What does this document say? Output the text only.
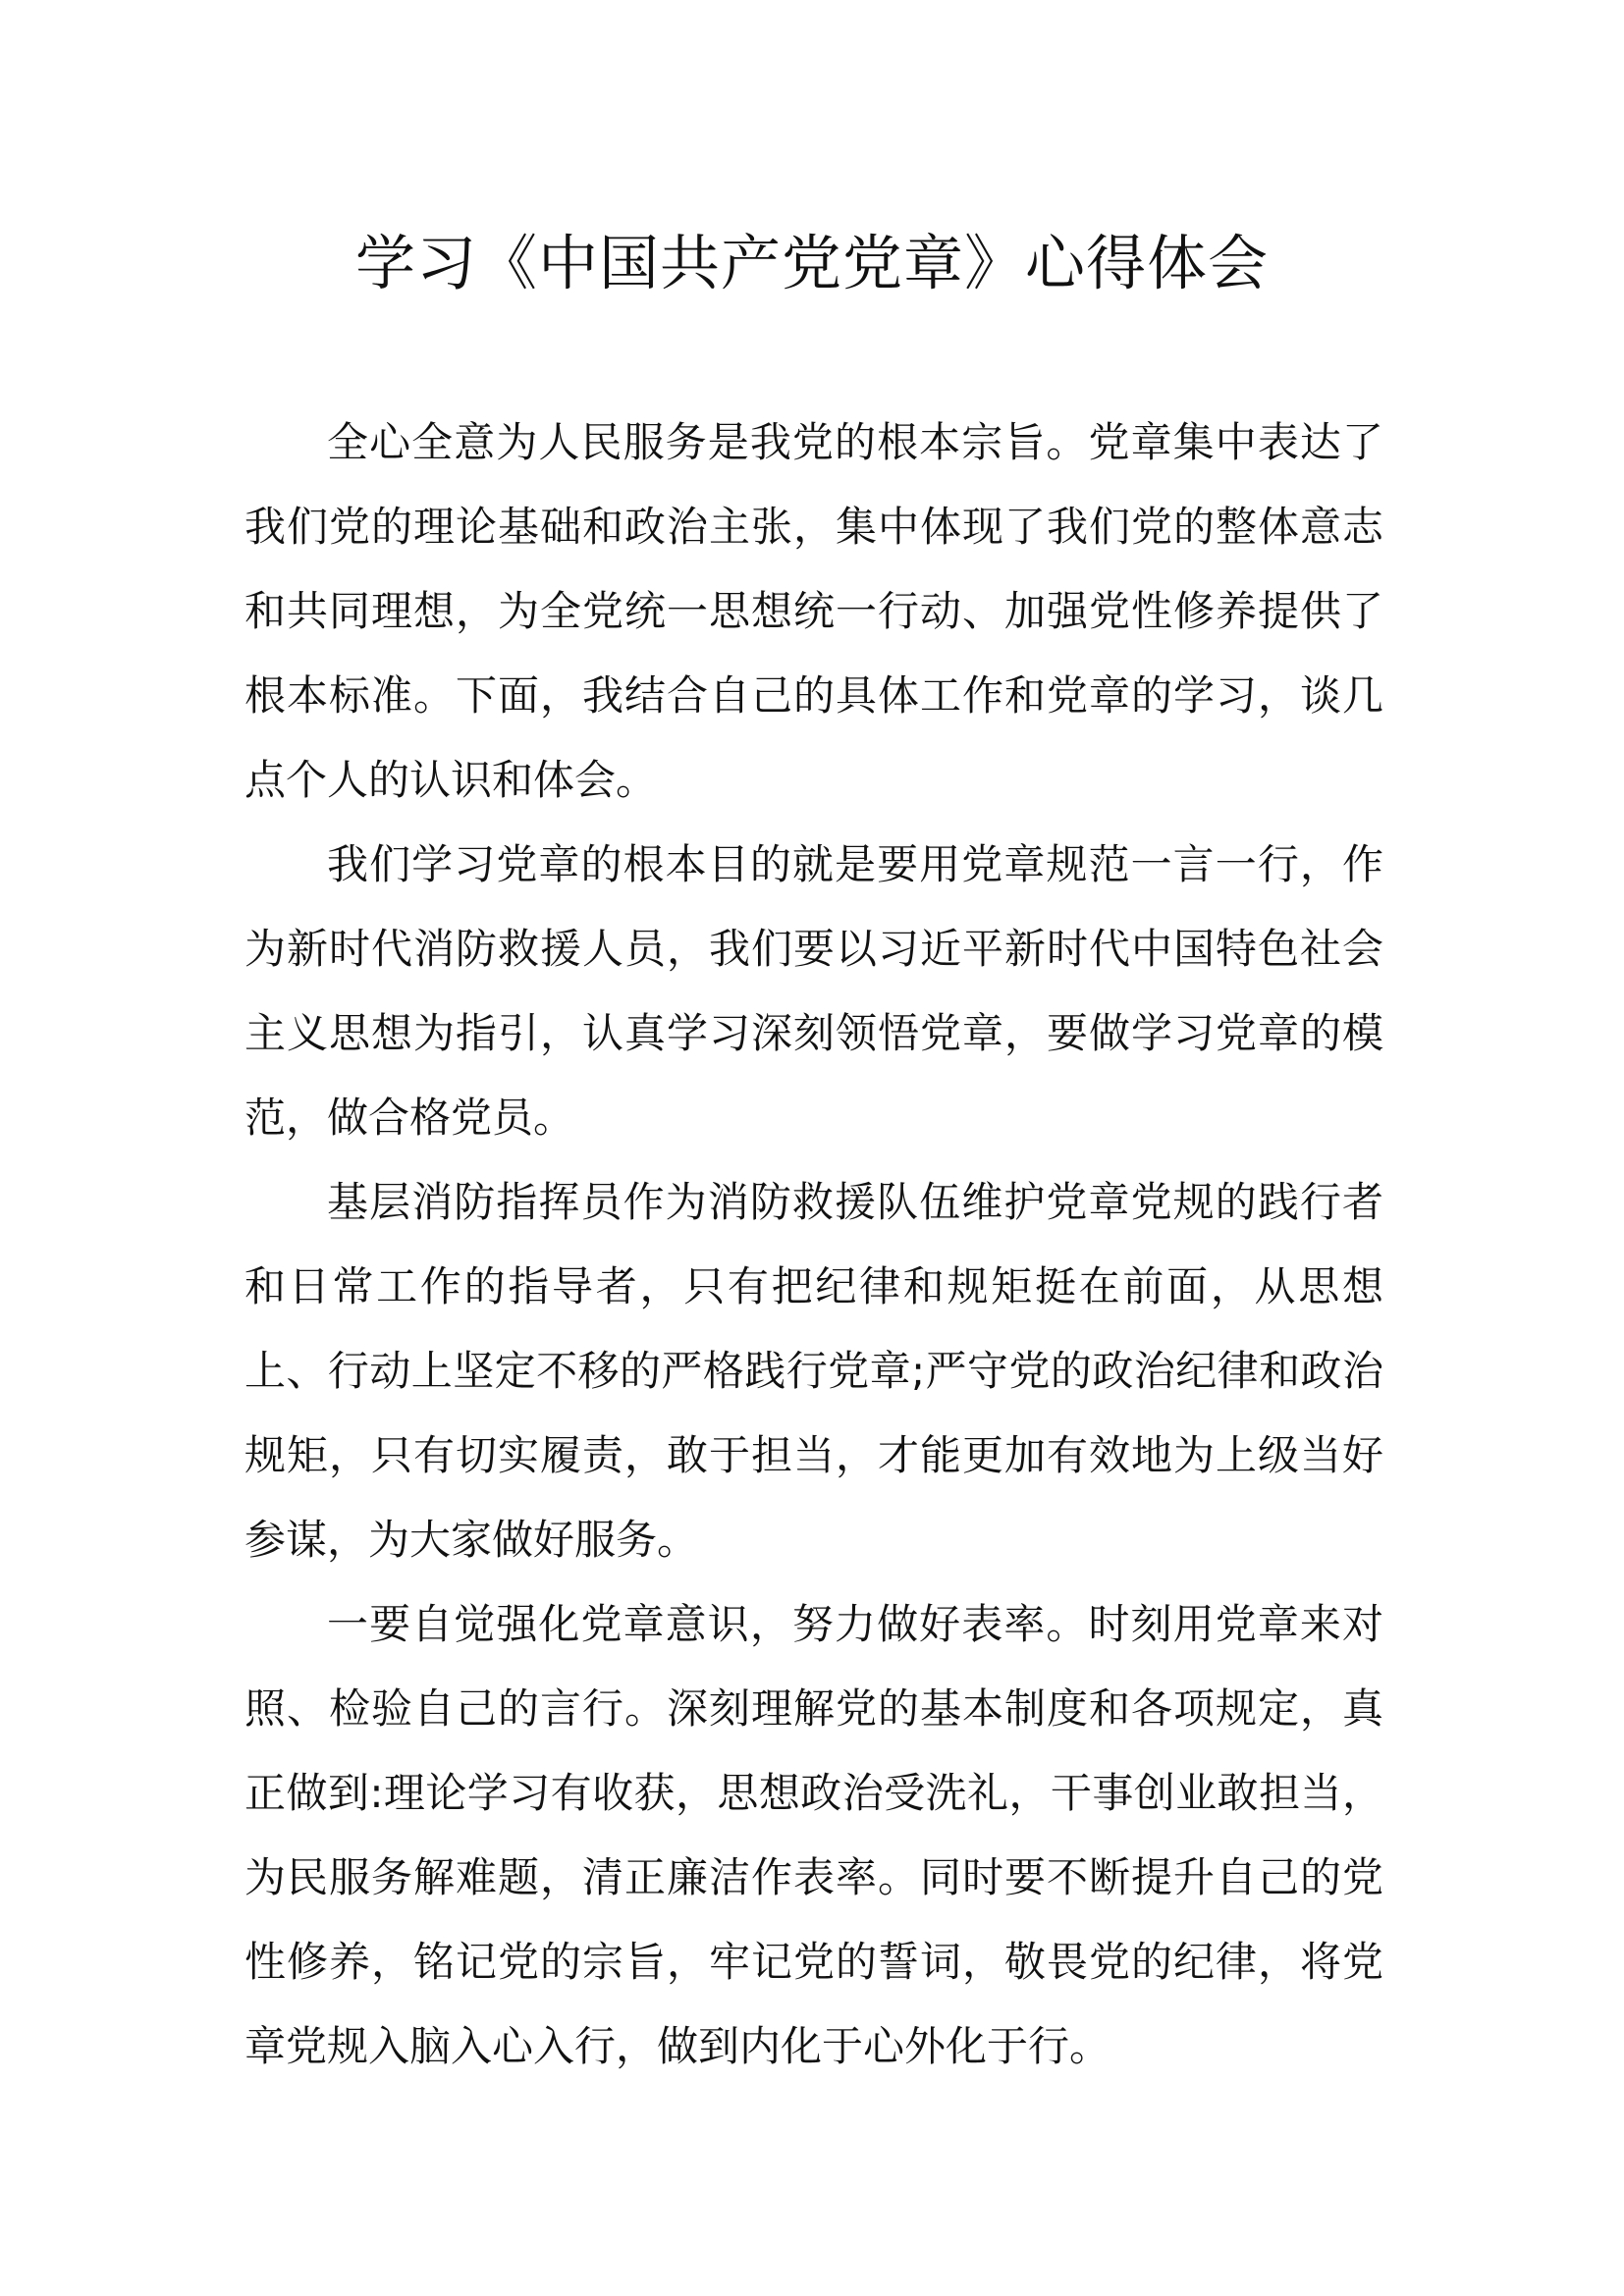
学习《中国共产党党章》心得体会

全心全意为人民服务是我党的根本宗旨。党章集中表达了我们党的理论基础和政治主张，集中体现了我们党的整体意志和共同理想，为全党统一思想统一行动、加强党性修养提供了根本标准。下面，我结合自己的具体工作和党章的学习，谈几点个人的认识和体会。

我们学习党章的根本目的就是要用党章规范一言一行，作为新时代消防救援人员，我们要以习近平新时代中国特色社会主义思想为指引，认真学习深刻领悟党章，要做学习党章的模范，做合格党员。

基层消防指挥员作为消防救援队伍维护党章党规的践行者和日常工作的指导者，只有把纪律和规矩挺在前面，从思想上、行动上坚定不移的严格践行党章;严守党的政治纪律和政治规矩，只有切实履责，敢于担当，才能更加有效地为上级当好参谋，为大家做好服务。

一要自觉强化党章意识，努力做好表率。时刻用党章来对照、检验自己的言行。深刻理解党的基本制度和各项规定，真正做到:理论学习有收获，思想政治受洗礼，干事创业敢担当，为民服务解难题，清正廉洁作表率。同时要不断提升自己的党性修养，铭记党的宗旨，牢记党的誓词，敬畏党的纪律，将党章党规入脑入心入行，做到内化于心外化于行。
